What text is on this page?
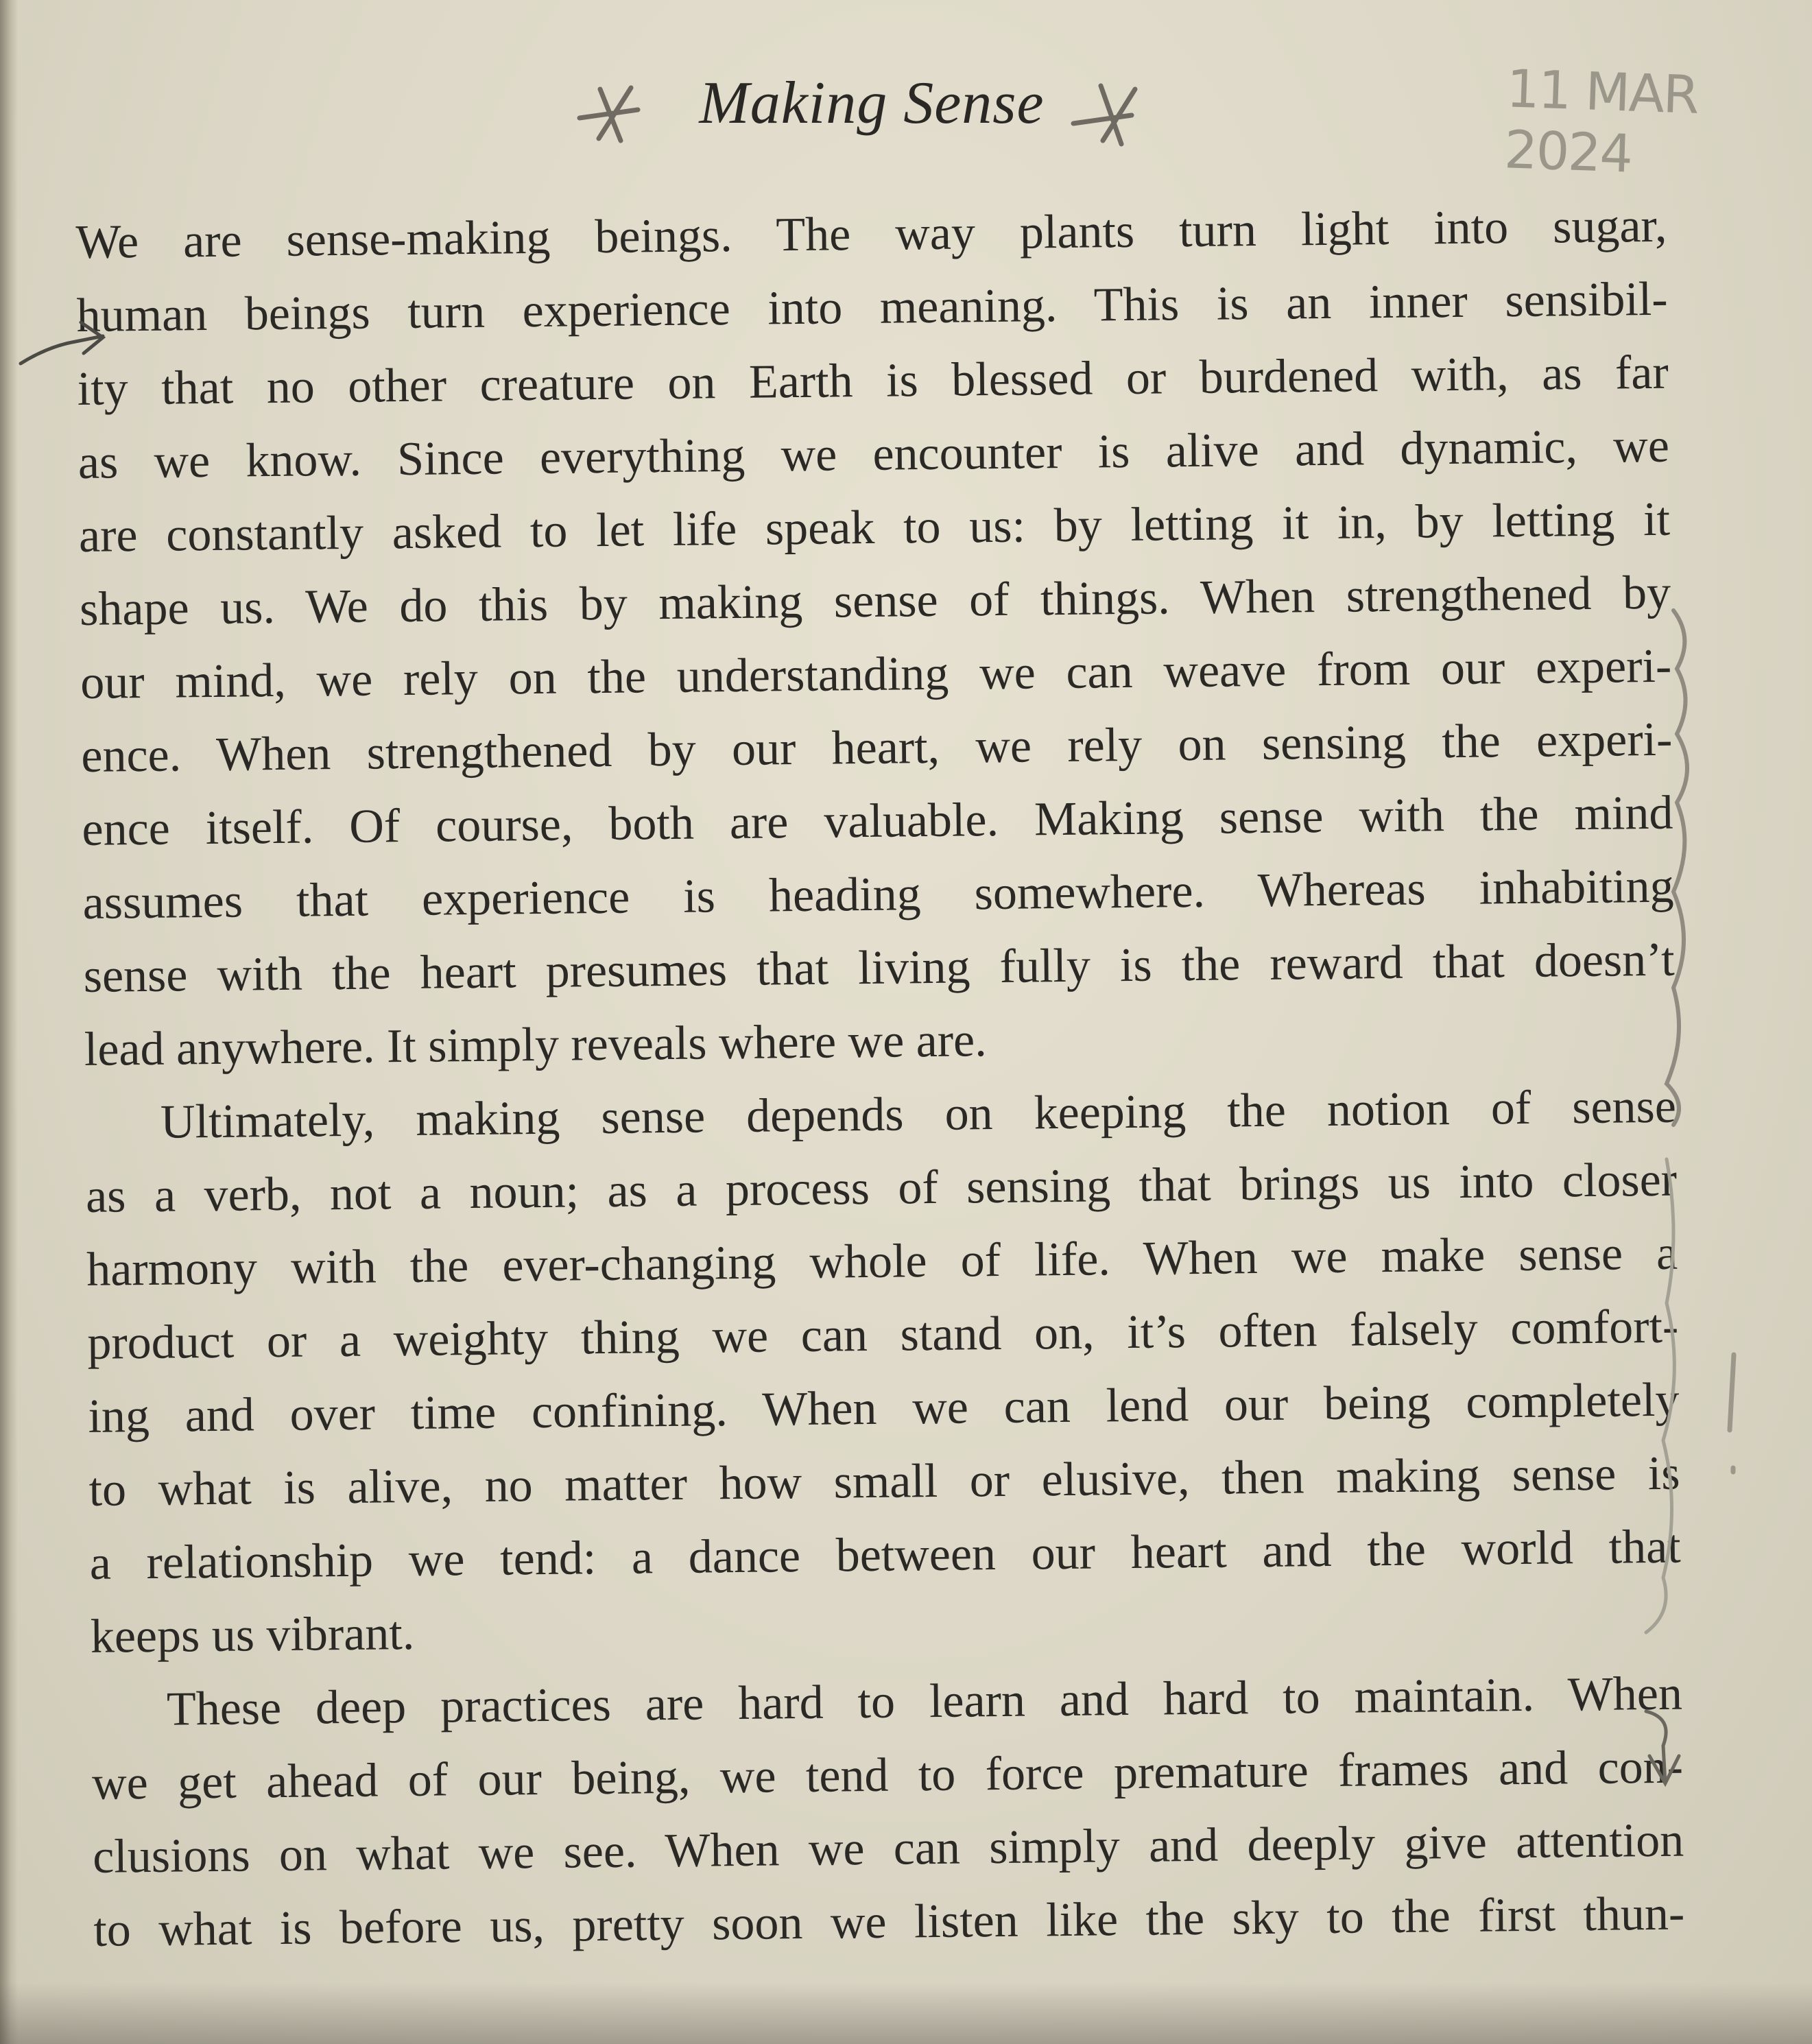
Making Sense	11 MAR 2024
We are sense-making beings. The way plants turn light into sugar,
human beings turn experience into meaning. This is an inner sensibil-
ity that no other creature on Earth is blessed or burdened with, as far
as we know. Since everything we encounter is alive and dynamic, we
are constantly asked to let life speak to us: by letting it in, by letting it
shape us. We do this by making sense of things. When strengthened by
our mind, we rely on the understanding we can weave from our experi-
ence. When strengthened by our heart, we rely on sensing the experi-
ence itself. Of course, both are valuable. Making sense with the mind
assumes that experience is heading somewhere. Whereas inhabiting
sense with the heart presumes that living fully is the reward that doesn’t
lead anywhere. It simply reveals where we are.
Ultimately, making sense depends on keeping the notion of sense
as a verb, not a noun; as a process of sensing that brings us into closer
harmony with the ever-changing whole of life. When we make sense a
product or a weighty thing we can stand on, it’s often falsely comfort-
ing and over time confining. When we can lend our being completely
to what is alive, no matter how small or elusive, then making sense is
a relationship we tend: a dance between our heart and the world that
keeps us vibrant.
These deep practices are hard to learn and hard to maintain. When
we get ahead of our being, we tend to force premature frames and con-
clusions on what we see. When we can simply and deeply give attention
to what is before us, pretty soon we listen like the sky to the first thun-
